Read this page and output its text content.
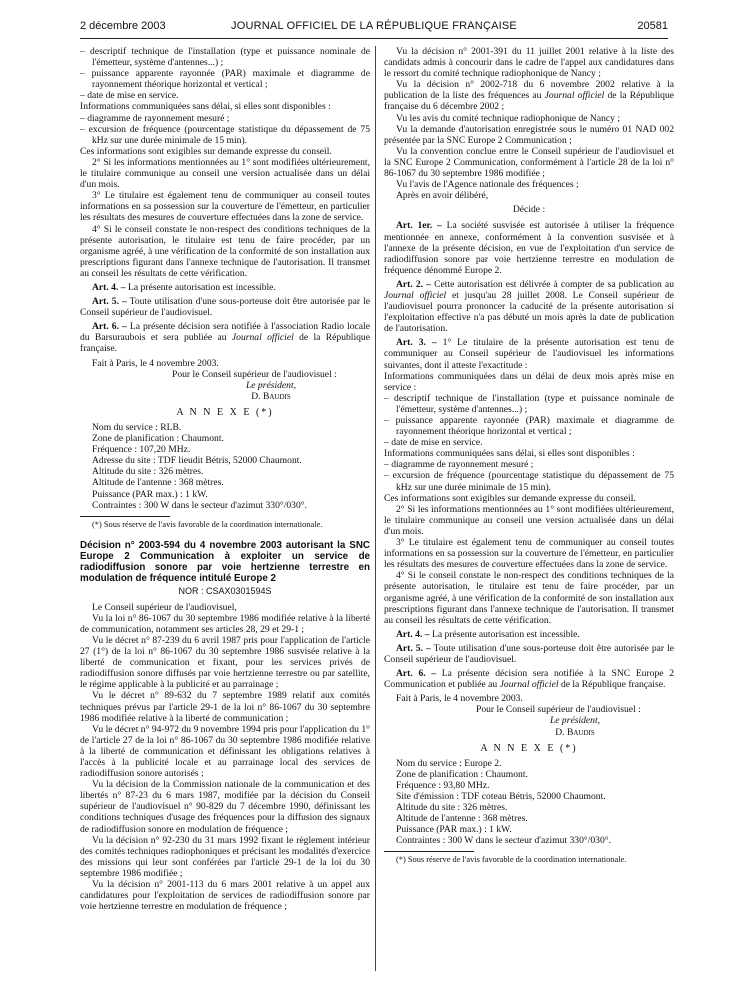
2 décembre 2003	JOURNAL OFFICIEL DE LA RÉPUBLIQUE FRANÇAISE	20581

– descriptif technique de l'installation (type et puissance nominale de l'émetteur, système d'antennes...) ;

– puissance apparente rayonnée (PAR) maximale et diagramme de rayonnement théorique horizontal et vertical ;

– date de mise en service.

Informations communiquées sans délai, si elles sont disponibles :

– diagramme de rayonnement mesuré ;

– excursion de fréquence (pourcentage statistique du dépassement de 75 kHz sur une durée minimale de 15 min).

Ces informations sont exigibles sur demande expresse du conseil.

2° Si les informations mentionnées au 1° sont modifiées ultérieurement, le titulaire communique au conseil une version actualisée dans un délai d'un mois.

3° Le titulaire est également tenu de communiquer au conseil toutes informations en sa possession sur la couverture de l'émetteur, en particulier les résultats des mesures de couverture effectuées dans la zone de service.

4° Si le conseil constate le non-respect des conditions techniques de la présente autorisation, le titulaire est tenu de faire procéder, par un organisme agréé, à une vérification de la conformité de son installation aux prescriptions figurant dans l'annexe technique de l'autorisation. Il transmet au conseil les résultats de cette vérification.

Art. 4. – La présente autorisation est incessible.

Art. 5. – Toute utilisation d'une sous-porteuse doit être autorisée par le Conseil supérieur de l'audiovisuel.

Art. 6. – La présente décision sera notifiée à l'association Radio locale du Barsuraubois et sera publiée au Journal officiel de la République française.

Fait à Paris, le 4 novembre 2003.

Pour le Conseil supérieur de l'audiovisuel :

Le président,

D. Baudis

A N N E X E (*)

Nom du service : RLB.

Zone de planification : Chaumont.

Fréquence : 107,20 MHz.

Adresse du site : TDF lieudit Bétris, 52000 Chaumont.

Altitude du site : 326 mètres.

Altitude de l'antenne : 368 mètres.

Puissance (PAR max.) : 1 kW.

Contraintes : 300 W dans le secteur d'azimut 330°/030°.

(*) Sous réserve de l'avis favorable de la coordination internationale.

Décision n° 2003-594 du 4 novembre 2003 autorisant la SNC Europe 2 Communication à exploiter un service de radiodiffusion sonore par voie hertzienne terrestre en modulation de fréquence intitulé Europe 2

NOR : CSAX0301594S

Le Conseil supérieur de l'audiovisuel,

Vu la loi n° 86-1067 du 30 septembre 1986 modifiée relative à la liberté de communication, notamment ses articles 28, 29 et 29-1 ;

Vu le décret n° 87-239 du 6 avril 1987 pris pour l'application de l'article 27 (1°) de la loi n° 86-1067 du 30 septembre 1986 susvisée relative à la liberté de communication et fixant, pour les services privés de radiodiffusion sonore diffusés par voie hertzienne terrestre ou par satellite, le régime applicable à la publicité et au parrainage ;

Vu le décret n° 89-632 du 7 septembre 1989 relatif aux comités techniques prévus par l'article 29-1 de la loi n° 86-1067 du 30 septembre 1986 modifiée relative à la liberté de communication ;

Vu le décret n° 94-972 du 9 novembre 1994 pris pour l'application du 1° de l'article 27 de la loi n° 86-1067 du 30 septembre 1986 modifiée relative à la liberté de communication et définissant les obligations relatives à l'accès à la publicité locale et au parrainage local des services de radiodiffusion sonore autorisés ;

Vu la décision de la Commission nationale de la communication et des libertés n° 87-23 du 6 mars 1987, modifiée par la décision du Conseil supérieur de l'audiovisuel n° 90-829 du 7 décembre 1990, définissant les conditions techniques d'usage des fréquences pour la diffusion des signaux de radiodiffusion sonore en modulation de fréquence ;

Vu la décision n° 92-230 du 31 mars 1992 fixant le règlement intérieur des comités techniques radiophoniques et précisant les modalités d'exercice des missions qui leur sont conférées par l'article 29-1 de la loi du 30 septembre 1986 modifiée ;

Vu la décision n° 2001-113 du 6 mars 2001 relative à un appel aux candidatures pour l'exploitation de services de radiodiffusion sonore par voie hertzienne terrestre en modulation de fréquence ;

Vu la décision n° 2001-391 du 11 juillet 2001 relative à la liste des candidats admis à concourir dans le cadre de l'appel aux candidatures dans le ressort du comité technique radiophonique de Nancy ;

Vu la décision n° 2002-718 du 6 novembre 2002 relative à la publication de la liste des fréquences au Journal officiel de la République française du 6 décembre 2002 ;

Vu les avis du comité technique radiophonique de Nancy ;

Vu la demande d'autorisation enregistrée sous le numéro 01 NAD 002 présentée par la SNC Europe 2 Communication ;

Vu la convention conclue entre le Conseil supérieur de l'audiovisuel et la SNC Europe 2 Communication, conformément à l'article 28 de la loi n° 86-1067 du 30 septembre 1986 modifiée ;

Vu l'avis de l'Agence nationale des fréquences ;

Après en avoir délibéré,

Décide :

Art. 1er. – La société susvisée est autorisée à utiliser la fréquence mentionnée en annexe, conformément à la convention susvisée et à l'annexe de la présente décision, en vue de l'exploitation d'un service de radiodiffusion sonore par voie hertzienne terrestre en modulation de fréquence dénommé Europe 2.

Art. 2. – Cette autorisation est délivrée à compter de sa publication au Journal officiel et jusqu'au 28 juillet 2008. Le Conseil supérieur de l'audiovisuel pourra prononcer la caducité de la présente autorisation si l'exploitation effective n'a pas débuté un mois après la date de publication de l'autorisation.

Art. 3. – 1° Le titulaire de la présente autorisation est tenu de communiquer au Conseil supérieur de l'audiovisuel les informations suivantes, dont il atteste l'exactitude :

Informations communiquées dans un délai de deux mois après mise en service :

– descriptif technique de l'installation (type et puissance nominale de l'émetteur, système d'antennes...) ;

– puissance apparente rayonnée (PAR) maximale et diagramme de rayonnement théorique horizontal et vertical ;

– date de mise en service.

Informations communiquées sans délai, si elles sont disponibles :

– diagramme de rayonnement mesuré ;

– excursion de fréquence (pourcentage statistique du dépassement de 75 kHz sur une durée minimale de 15 min).

Ces informations sont exigibles sur demande expresse du conseil.

2° Si les informations mentionnées au 1° sont modifiées ultérieurement, le titulaire communique au conseil une version actualisée dans un délai d'un mois.

3° Le titulaire est également tenu de communiquer au conseil toutes informations en sa possession sur la couverture de l'émetteur, en particulier les résultats des mesures de couverture effectuées dans la zone de service.

4° Si le conseil constate le non-respect des conditions techniques de la présente autorisation, le titulaire est tenu de faire procéder, par un organisme agréé, à une vérification de la conformité de son installation aux prescriptions figurant dans l'annexe technique de l'autorisation. Il transmet au conseil les résultats de cette vérification.

Art. 4. – La présente autorisation est incessible.

Art. 5. – Toute utilisation d'une sous-porteuse doit être autorisée par le Conseil supérieur de l'audiovisuel.

Art. 6. – La présente décision sera notifiée à la SNC Europe 2 Communication et publiée au Journal officiel de la République française.

Fait à Paris, le 4 novembre 2003.

Pour le Conseil supérieur de l'audiovisuel :

Le président,

D. Baudis

A N N E X E (*)

Nom du service : Europe 2.

Zone de planification : Chaumont.

Fréquence : 93,80 MHz.

Site d'émission : TDF coteau Bétris, 52000 Chaumont.

Altitude du site : 326 mètres.

Altitude de l'antenne : 368 mètres.

Puissance (PAR max.) : 1 kW.

Contraintes : 300 W dans le secteur d'azimut 330°/030°.

(*) Sous réserve de l'avis favorable de la coordination internationale.
